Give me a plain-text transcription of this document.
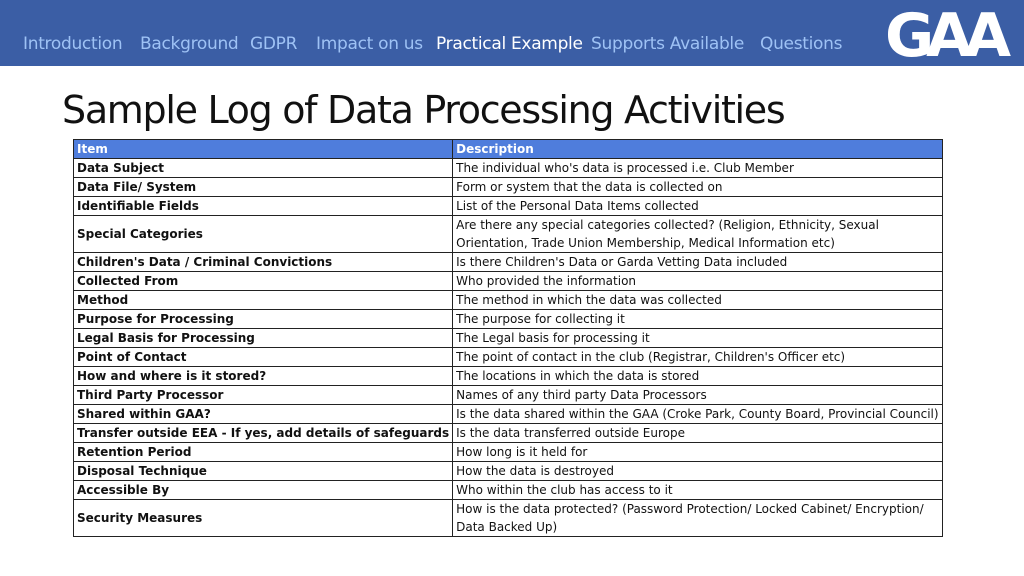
Introduction Background GDPR Impact on us Practical Example Supports Available Questions GAA
Sample Log of Data Processing Activities
Item	Description
Data Subject	The individual who's data is processed i.e. Club Member
Data File/ System	Form or system that the data is collected on
Identifiable Fields	List of the Personal Data Items collected
Special Categories	Are there any special categories collected? (Religion, Ethnicity, Sexual Orientation, Trade Union Membership, Medical Information etc)
Children's Data / Criminal Convictions	Is there Children's Data or Garda Vetting Data included
Collected From	Who provided the information
Method	The method in which the data was collected
Purpose for Processing	The purpose for collecting it
Legal Basis for Processing	The Legal basis for processing it
Point of Contact	The point of contact in the club (Registrar, Children's Officer etc)
How and where is it stored?	The locations in which the data is stored
Third Party Processor	Names of any third party Data Processors
Shared within GAA?	Is the data shared within the GAA (Croke Park, County Board, Provincial Council)
Transfer outside EEA - If yes, add details of safeguards	Is the data transferred outside Europe
Retention Period	How long is it held for
Disposal Technique	How the data is destroyed
Accessible By	Who within the club has access to it
Security Measures	How is the data protected? (Password Protection/ Locked Cabinet/ Encryption/ Data Backed Up)
